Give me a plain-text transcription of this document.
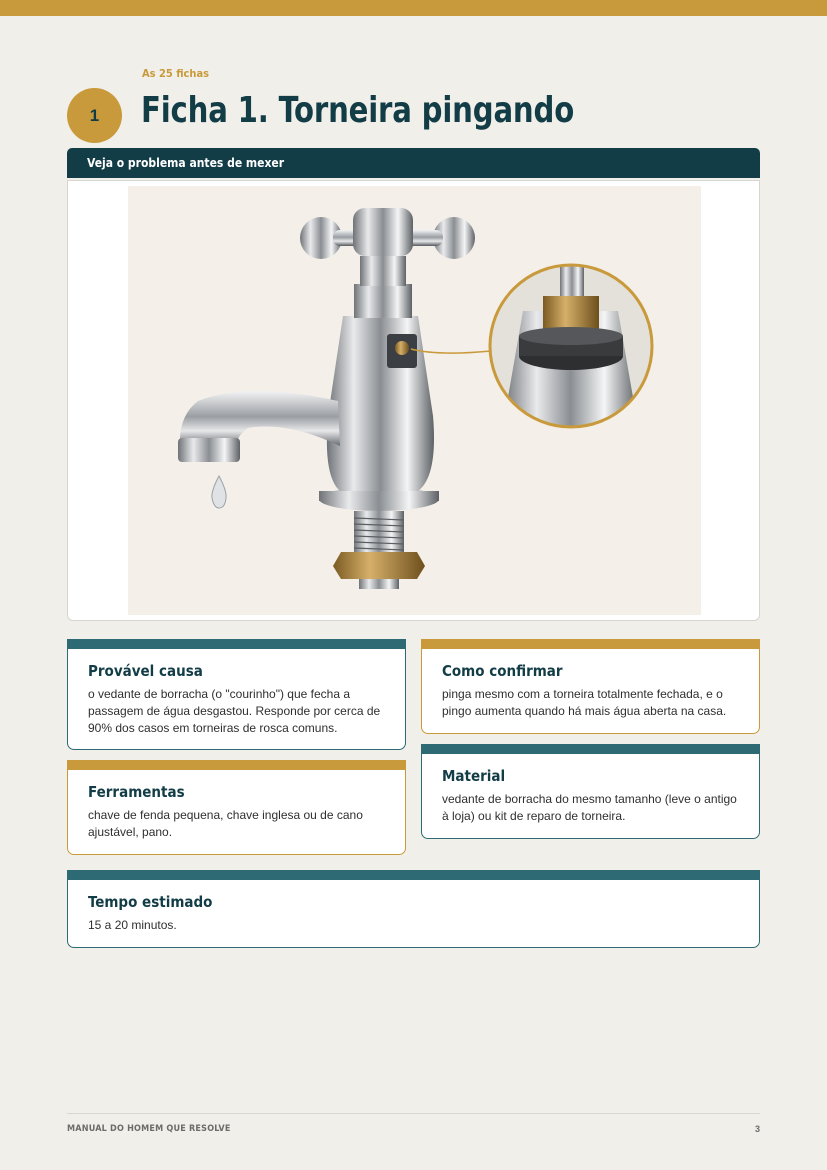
As 25 fichas
1	Ficha 1. Torneira pingando
Veja o problema antes de mexer
Provável causa
o vedante de borracha (o "courinho") que fecha a passagem de água desgastou. Responde por cerca de 90% dos casos em torneiras de rosca comuns.
Como confirmar
pinga mesmo com a torneira totalmente fechada, e o pingo aumenta quando há mais água aberta na casa.
Ferramentas
chave de fenda pequena, chave inglesa ou de cano ajustável, pano.
Material
vedante de borracha do mesmo tamanho (leve o antigo à loja) ou kit de reparo de torneira.
Tempo estimado
15 a 20 minutos.
MANUAL DO HOMEM QUE RESOLVE	3
